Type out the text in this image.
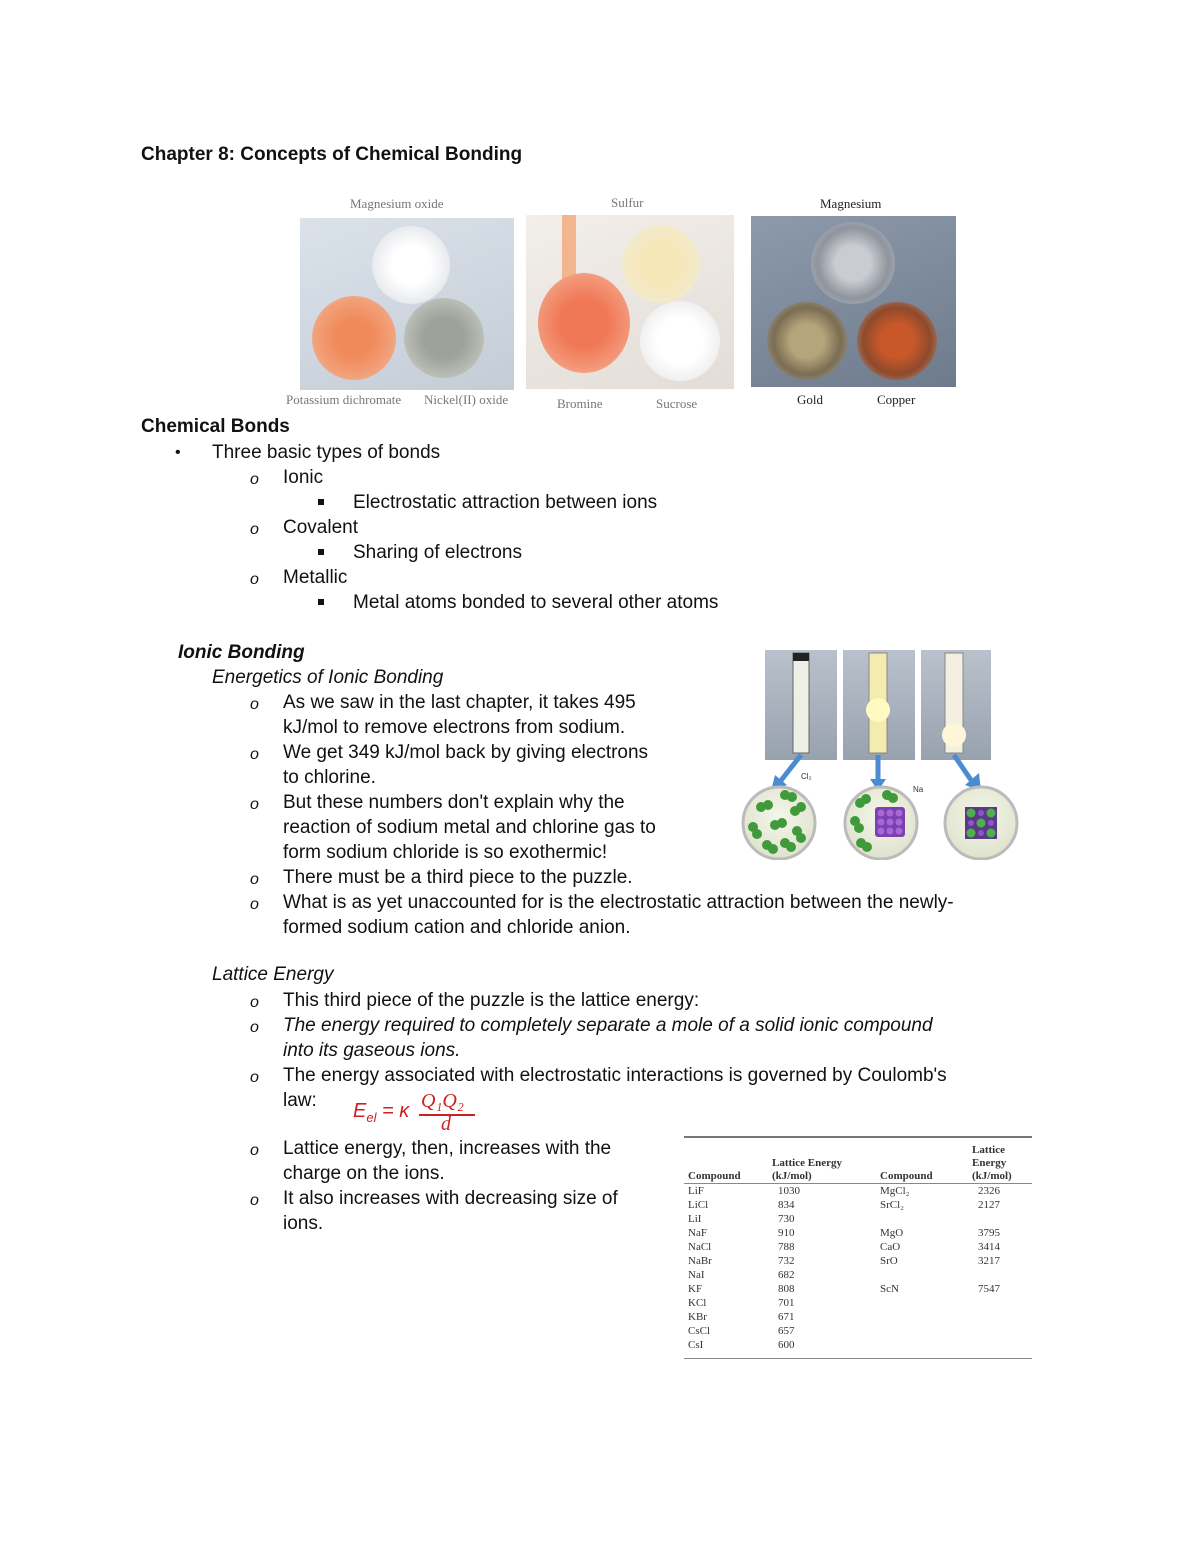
Chapter 8: Concepts of Chemical Bonding
Magnesium oxide	Sulfur	Magnesium
Potassium dichromate Nickel(II) oxide	Bromine	Sucrose	Gold	Copper
Chemical Bonds
• Three basic types of bonds
o Ionic
Electrostatic attraction between ions
o Covalent
Sharing of electrons
o Metallic
Metal atoms bonded to several other atoms
Ionic Bonding
Energetics of Ionic Bonding
o As we saw in the last chapter, it takes 495
kJ/mol to remove electrons from sodium.
o We get 349 kJ/mol back by giving electrons
to chlorine.
o But these numbers don't explain why the
reaction of sodium metal and chlorine gas to
form sodium chloride is so exothermic!
o There must be a third piece to the puzzle.
o What is as yet unaccounted for is the electrostatic attraction between the newly-
formed sodium cation and chloride anion.
Cl₂
Na
Lattice Energy
o This third piece of the puzzle is the lattice energy:
o The energy required to completely separate a mole of a solid ionic compound
into its gaseous ions.
o The energy associated with electrostatic interactions is governed by Coulomb's
law: $E_{el} = \kappa$ Q₁Q₂
d
o Lattice energy, then, increases with the
charge on the ions.
o It also increases with decreasing size of
ions.
Compound	Lattice Energy (kJ/mol)	Compound	Lattice Energy (kJ/mol)
LiF	1030	MgCl₂	2326
LiCl	834	SrCl₂	2127
LiI	730		
NaF	910	MgO	3795
NaCl	788	CaO	3414
NaBr	732	SrO	3217
NaI	682		
KF	808	ScN	7547
KCl	701		
KBr	671		
CsCl	657		
CsI	600		
